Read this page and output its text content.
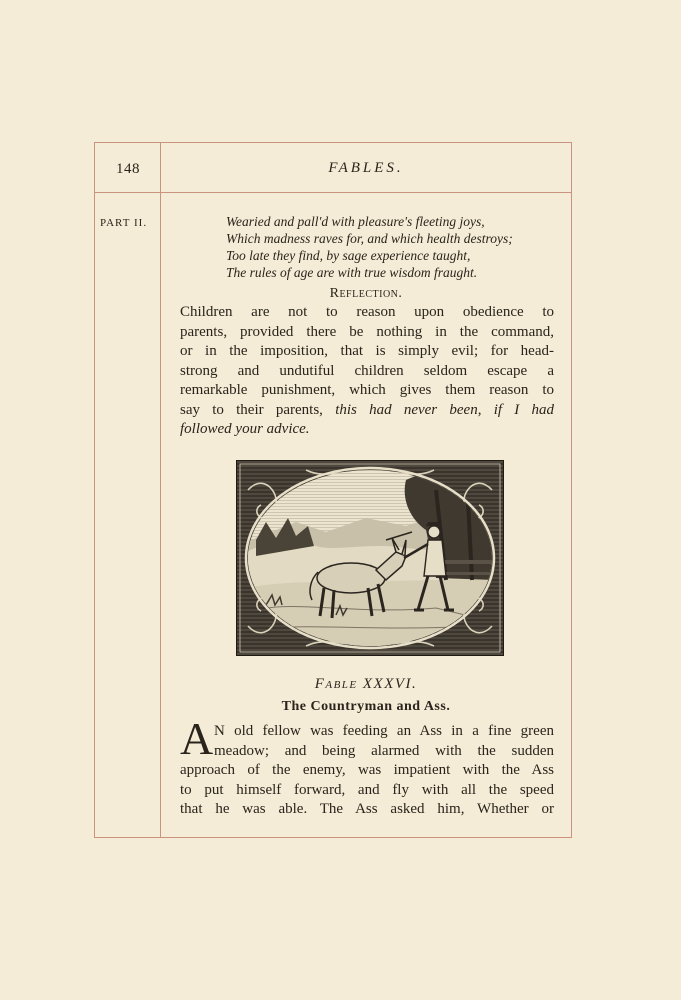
148	FABLES.
PART II.	Wearied and pall'd with pleasure's fleeting joys,
Which madness raves for, and which health destroys;
Too late they find, by sage experience taught,
The rules of age are with true wisdom fraught.
Reflection.
Children are not to reason upon obedience to
parents, provided there be nothing in the command,
or in the imposition, that is simply evil; for head-
strong and undutiful children seldom escape a
remarkable punishment, which gives them reason to
say to their parents, this had never been, if I had
followed your advice.
Fable XXXVI.
The Countryman and Ass.
A N old fellow was feeding an Ass in a fine green
meadow; and being alarmed with the sudden
approach of the enemy, was impatient with the Ass
to put himself forward, and fly with all the speed
that he was able. The Ass asked him, Whether or
